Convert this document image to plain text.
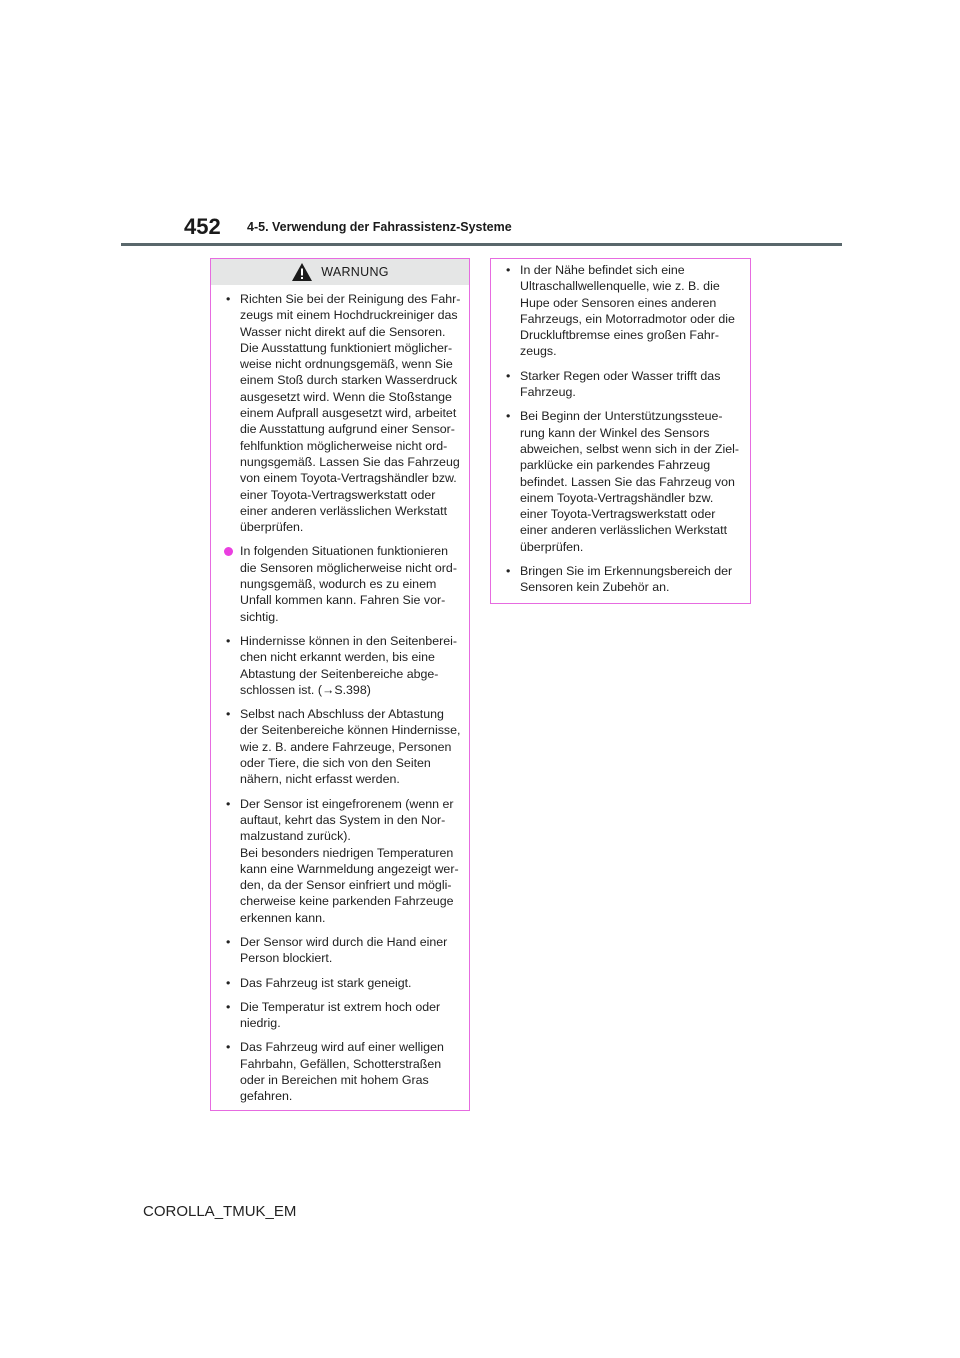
452 4-5. Verwendung der Fahrassistenz-Systeme
WARNUNG
• Richten Sie bei der Reinigung des Fahr-
zeugs mit einem Hochdruckreiniger das
Wasser nicht direkt auf die Sensoren.
Die Ausstattung funktioniert möglicher-
weise nicht ordnungsgemäß, wenn Sie
einem Stoß durch starken Wasserdruck
ausgesetzt wird. Wenn die Stoßstange
einem Aufprall ausgesetzt wird, arbeitet
die Ausstattung aufgrund einer Sensor-
fehlfunktion möglicherweise nicht ord-
nungsgemäß. Lassen Sie das Fahrzeug
von einem Toyota-Vertragshändler bzw.
einer Toyota-Vertragswerkstatt oder
einer anderen verlässlichen Werkstatt
überprüfen.
In folgenden Situationen funktionieren
die Sensoren möglicherweise nicht ord-
nungsgemäß, wodurch es zu einem
Unfall kommen kann. Fahren Sie vor-
sichtig.
• Hindernisse können in den Seitenberei-
chen nicht erkannt werden, bis eine
Abtastung der Seitenbereiche abge-
schlossen ist. (→S.398)
• Selbst nach Abschluss der Abtastung
der Seitenbereiche können Hindernisse,
wie z. B. andere Fahrzeuge, Personen
oder Tiere, die sich von den Seiten
nähern, nicht erfasst werden.
• Der Sensor ist eingefrorenem (wenn er
auftaut, kehrt das System in den Nor-
malzustand zurück).
Bei besonders niedrigen Temperaturen
kann eine Warnmeldung angezeigt wer-
den, da der Sensor einfriert und mögli-
cherweise keine parkenden Fahrzeuge
erkennen kann.
• Der Sensor wird durch die Hand einer
Person blockiert.
• Das Fahrzeug ist stark geneigt.
• Die Temperatur ist extrem hoch oder
niedrig.
• Das Fahrzeug wird auf einer welligen
Fahrbahn, Gefällen, Schotterstraßen
oder in Bereichen mit hohem Gras
gefahren.
• In der Nähe befindet sich eine
Ultraschallwellenquelle, wie z. B. die
Hupe oder Sensoren eines anderen
Fahrzeugs, ein Motorradmotor oder die
Druckluftbremse eines großen Fahr-
zeugs.
• Starker Regen oder Wasser trifft das
Fahrzeug.
• Bei Beginn der Unterstützungssteue-
rung kann der Winkel des Sensors
abweichen, selbst wenn sich in der Ziel-
parklücke ein parkendes Fahrzeug
befindet. Lassen Sie das Fahrzeug von
einem Toyota-Vertragshändler bzw.
einer Toyota-Vertragswerkstatt oder
einer anderen verlässlichen Werkstatt
überprüfen.
• Bringen Sie im Erkennungsbereich der
Sensoren kein Zubehör an.
COROLLA_TMUK_EM
